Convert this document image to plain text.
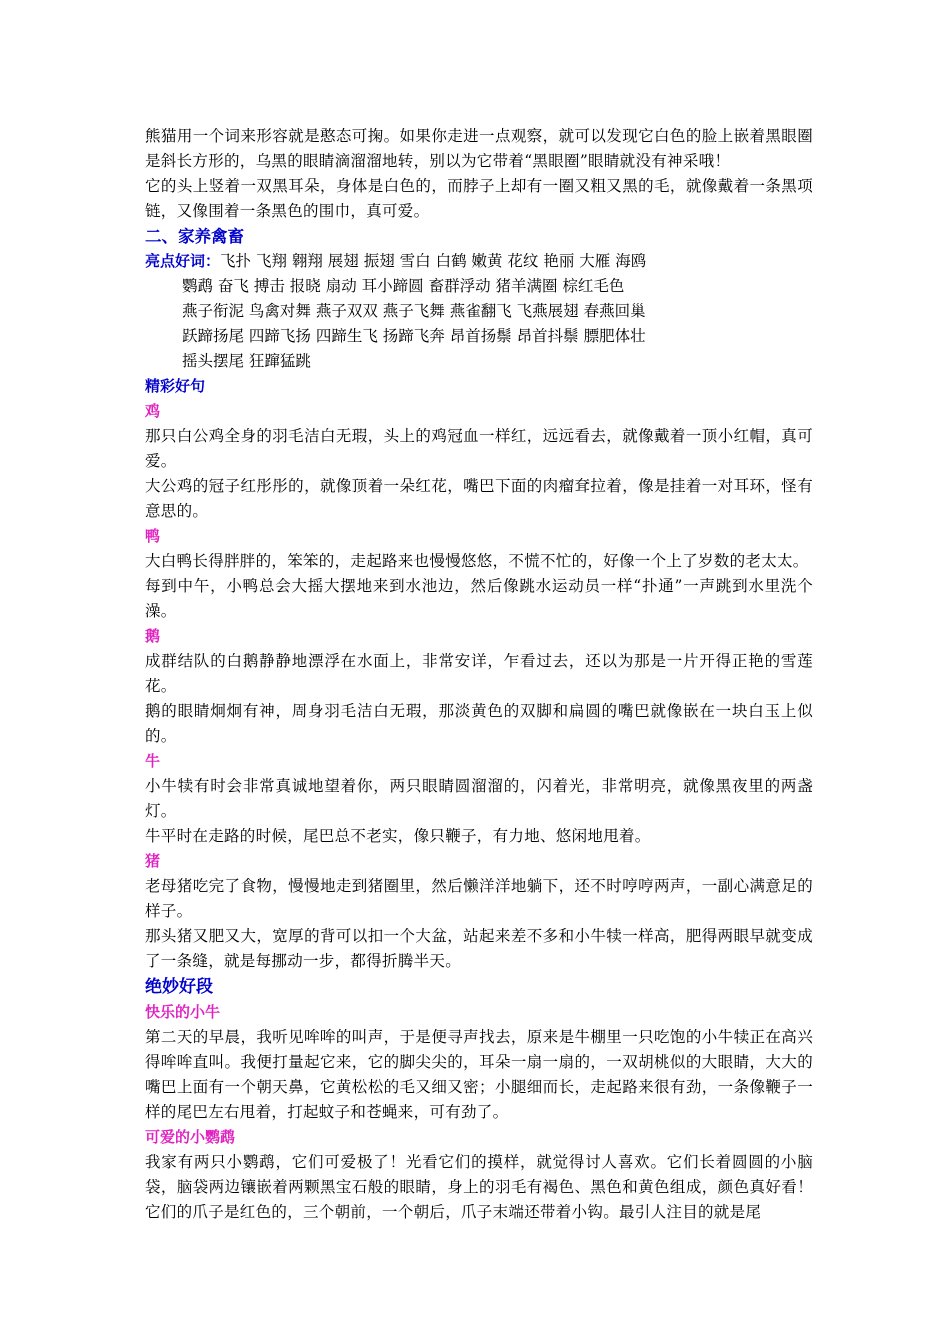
熊猫用一个词来形容就是憨态可掬。如果你走进一点观察，就可以发现它白色的脸上嵌着黑眼圈是斜长方形的，乌黑的眼睛滴溜溜地转，别以为它带着“黑眼圈”眼睛就没有神采哦！

它的头上竖着一双黑耳朵，身体是白色的，而脖子上却有一圈又粗又黑的毛，就像戴着一条黑项链，又像围着一条黑色的围巾，真可爱。

二、家养禽畜

亮点好词：飞扑 飞翔 翱翔 展翅 振翅 雪白 白鹤 嫩黄 花纹 艳丽 大雁 海鸥
鹦鹉 奋飞 搏击 报晓 扇动 耳小蹄圆 畜群浮动 猪羊满圈 棕红毛色
燕子衔泥 鸟禽对舞 燕子双双 燕子飞舞 燕雀翻飞 飞燕展翅 春燕回巢
跃蹄扬尾 四蹄飞扬 四蹄生飞 扬蹄飞奔 昂首扬鬃 昂首抖鬃 膘肥体壮
摇头摆尾 狂蹿猛跳

精彩好句

鸡

那只白公鸡全身的羽毛洁白无瑕，头上的鸡冠血一样红，远远看去，就像戴着一顶小红帽，真可爱。

大公鸡的冠子红彤彤的，就像顶着一朵红花，嘴巴下面的肉瘤耷拉着，像是挂着一对耳环，怪有意思的。

鸭

大白鸭长得胖胖的，笨笨的，走起路来也慢慢悠悠，不慌不忙的，好像一个上了岁数的老太太。

每到中午，小鸭总会大摇大摆地来到水池边，然后像跳水运动员一样“扑通”一声跳到水里洗个澡。

鹅

成群结队的白鹅静静地漂浮在水面上，非常安详，乍看过去，还以为那是一片开得正艳的雪莲花。

鹅的眼睛炯炯有神，周身羽毛洁白无瑕，那淡黄色的双脚和扁圆的嘴巴就像嵌在一块白玉上似的。

牛

小牛犊有时会非常真诚地望着你，两只眼睛圆溜溜的，闪着光，非常明亮，就像黑夜里的两盏灯。

牛平时在走路的时候，尾巴总不老实，像只鞭子，有力地、悠闲地甩着。

猪

老母猪吃完了食物，慢慢地走到猪圈里，然后懒洋洋地躺下，还不时哼哼两声，一副心满意足的样子。

那头猪又肥又大，宽厚的背可以扣一个大盆，站起来差不多和小牛犊一样高，肥得两眼早就变成了一条缝，就是每挪动一步，都得折腾半天。

绝妙好段

快乐的小牛

第二天的早晨，我听见哞哞的叫声，于是便寻声找去，原来是牛棚里一只吃饱的小牛犊正在高兴得哞哞直叫。我便打量起它来，它的脚尖尖的，耳朵一扇一扇的，一双胡桃似的大眼睛，大大的嘴巴上面有一个朝天鼻，它黄松松的毛又细又密；小腿细而长，走起路来很有劲，一条像鞭子一样的尾巴左右甩着，打起蚊子和苍蝇来，可有劲了。

可爱的小鹦鹉

我家有两只小鹦鹉，它们可爱极了！光看它们的摸样，就觉得讨人喜欢。它们长着圆圆的小脑袋，脑袋两边镶嵌着两颗黑宝石般的眼睛，身上的羽毛有褐色、黑色和黄色组成，颜色真好看！它们的爪子是红色的，三个朝前，一个朝后，爪子末端还带着小钩。最引人注目的就是尾
